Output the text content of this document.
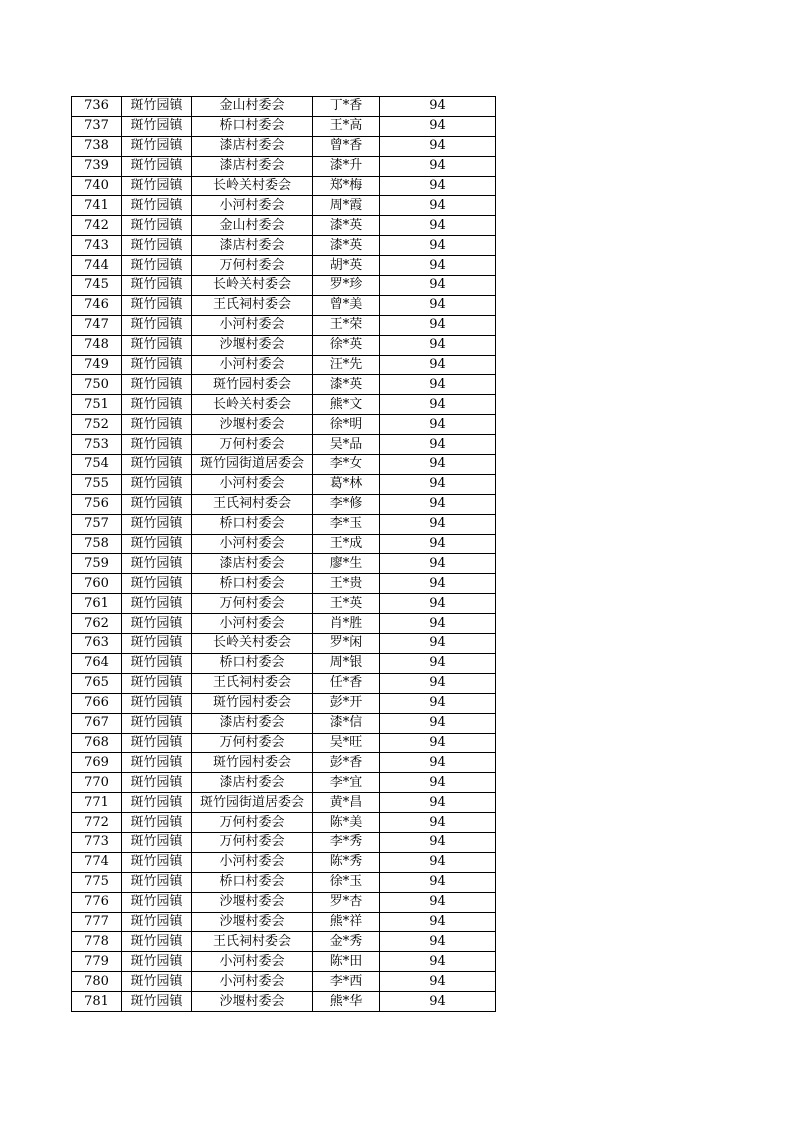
736	斑竹园镇	金山村委会	丁*香	94
737	斑竹园镇	桥口村委会	王*高	94
738	斑竹园镇	漆店村委会	曾*香	94
739	斑竹园镇	漆店村委会	漆*升	94
740	斑竹园镇	长岭关村委会	郑*梅	94
741	斑竹园镇	小河村委会	周*霞	94
742	斑竹园镇	金山村委会	漆*英	94
743	斑竹园镇	漆店村委会	漆*英	94
744	斑竹园镇	万何村委会	胡*英	94
745	斑竹园镇	长岭关村委会	罗*珍	94
746	斑竹园镇	王氏祠村委会	曾*美	94
747	斑竹园镇	小河村委会	王*荣	94
748	斑竹园镇	沙堰村委会	徐*英	94
749	斑竹园镇	小河村委会	汪*先	94
750	斑竹园镇	斑竹园村委会	漆*英	94
751	斑竹园镇	长岭关村委会	熊*文	94
752	斑竹园镇	沙堰村委会	徐*明	94
753	斑竹园镇	万何村委会	吴*品	94
754	斑竹园镇	斑竹园街道居委会	李*女	94
755	斑竹园镇	小河村委会	葛*林	94
756	斑竹园镇	王氏祠村委会	李*修	94
757	斑竹园镇	桥口村委会	李*玉	94
758	斑竹园镇	小河村委会	王*成	94
759	斑竹园镇	漆店村委会	廖*生	94
760	斑竹园镇	桥口村委会	王*贵	94
761	斑竹园镇	万何村委会	王*英	94
762	斑竹园镇	小河村委会	肖*胜	94
763	斑竹园镇	长岭关村委会	罗*闲	94
764	斑竹园镇	桥口村委会	周*银	94
765	斑竹园镇	王氏祠村委会	任*香	94
766	斑竹园镇	斑竹园村委会	彭*开	94
767	斑竹园镇	漆店村委会	漆*信	94
768	斑竹园镇	万何村委会	吴*旺	94
769	斑竹园镇	斑竹园村委会	彭*香	94
770	斑竹园镇	漆店村委会	李*宜	94
771	斑竹园镇	斑竹园街道居委会	黄*昌	94
772	斑竹园镇	万何村委会	陈*美	94
773	斑竹园镇	万何村委会	李*秀	94
774	斑竹园镇	小河村委会	陈*秀	94
775	斑竹园镇	桥口村委会	徐*玉	94
776	斑竹园镇	沙堰村委会	罗*杏	94
777	斑竹园镇	沙堰村委会	熊*祥	94
778	斑竹园镇	王氏祠村委会	金*秀	94
779	斑竹园镇	小河村委会	陈*田	94
780	斑竹园镇	小河村委会	李*西	94
781	斑竹园镇	沙堰村委会	熊*华	94
